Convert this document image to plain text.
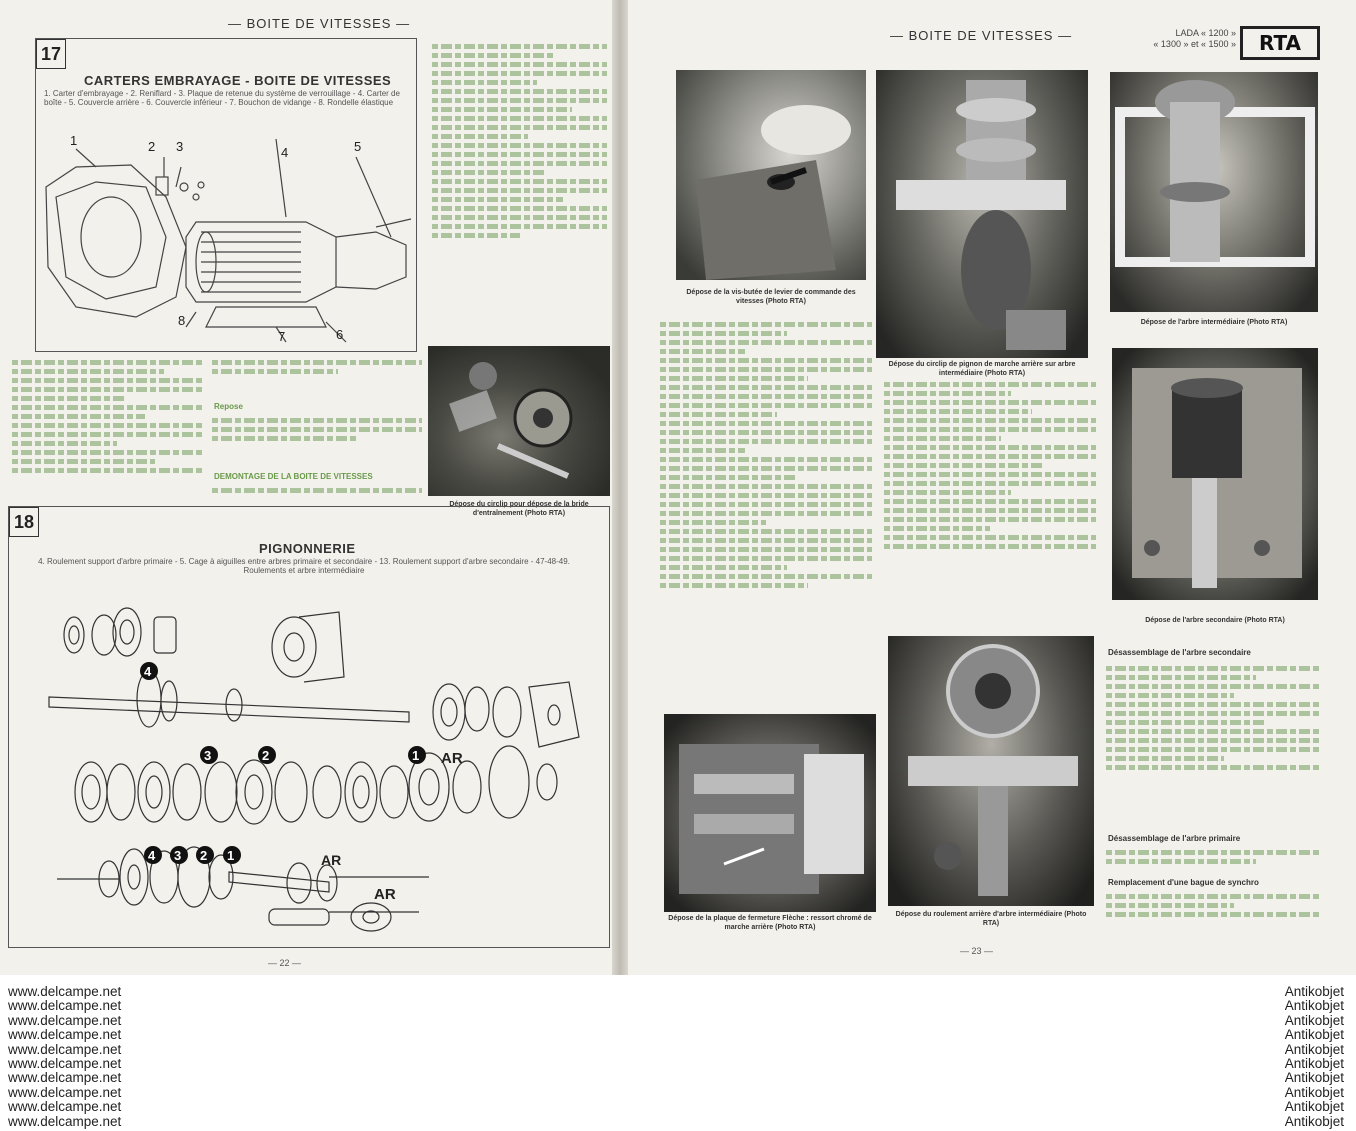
— BOITE DE VITESSES —
17
CARTERS EMBRAYAGE - BOITE DE VITESSES
1. Carter d'embrayage - 2. Reniflard - 3. Plaque de retenue du système de verrouillage - 4. Carter de boîte - 5. Couvercle arrière - 6. Couvercle inférieur - 7. Bouchon de vidange - 8. Rondelle élastique
1	2 3	4	5
6
7
8
Dépose du circlip pour dépose de la bride d'entraînement (Photo RTA)
Repose
DEMONTAGE DE LA BOITE DE VITESSES
18
PIGNONNERIE
4. Roulement support d'arbre primaire - 5. Cage à aiguilles entre arbres primaire et secondaire - 13. Roulement support d'arbre secondaire - 47-48-49. Roulements et arbre intermédiaire
4
3	2	1 AR
4 3 2 1	AR
AR
— 22 —
— BOITE DE VITESSES —	LADA « 1200 »
« 1300 » et « 1500 »	RTA
Dépose de la vis-butée de levier de commande des vitesses (Photo RTA)
Dépose du circlip de pignon de marche arrière sur arbre intermédiaire (Photo RTA)
Dépose de l'arbre intermédiaire (Photo RTA)
Dépose de l'arbre secondaire (Photo RTA)
Dépose de la plaque de fermeture Flèche : ressort chromé de marche arrière (Photo RTA)
Dépose du roulement arrière d'arbre intermédiaire (Photo RTA)
Désassemblage de l'arbre secondaire
Désassemblage de l'arbre primaire
Remplacement d'une bague de synchro
— 23 —
www.delcampe.net
www.delcampe.net
www.delcampe.net
www.delcampe.net
www.delcampe.net
www.delcampe.net
www.delcampe.net
www.delcampe.net
www.delcampe.net
www.delcampe.net
Antikobjet
Antikobjet
Antikobjet
Antikobjet
Antikobjet
Antikobjet
Antikobjet
Antikobjet
Antikobjet
Antikobjet
